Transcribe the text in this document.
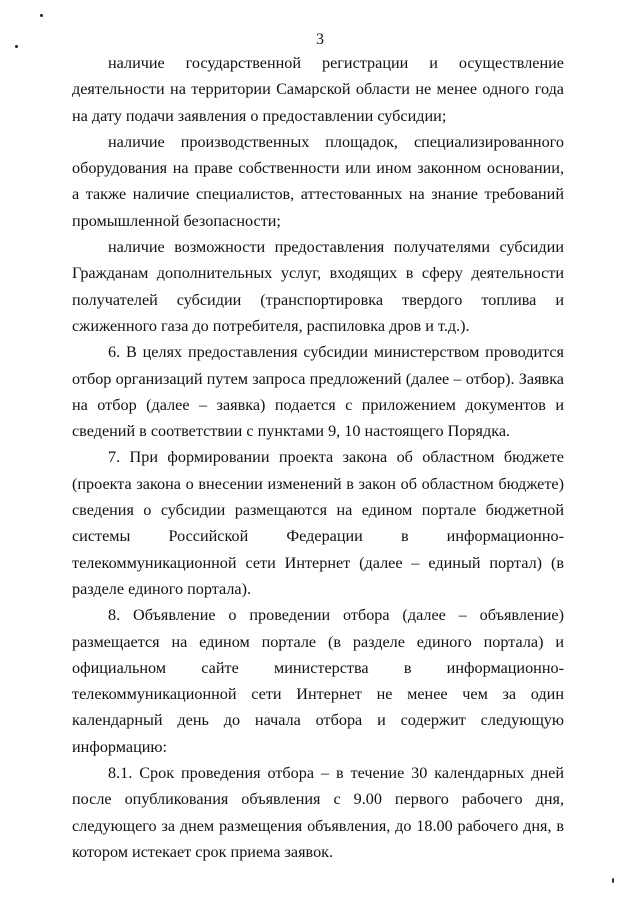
3

наличие государственной регистрации и осуществление деятельности на территории Самарской области не менее одного года на дату подачи заявления о предоставлении субсидии;

наличие производственных площадок, специализированного оборудования на праве собственности или ином законном основании, а также наличие специалистов, аттестованных на знание требований промышленной безопасности;

наличие возможности предоставления получателями субсидии Гражданам дополнительных услуг, входящих в сферу деятельности получателей субсидии (транспортировка твердого топлива и сжиженного газа до потребителя, распиловка дров и т.д.).

6. В целях предоставления субсидии министерством проводится отбор организаций путем запроса предложений (далее – отбор). Заявка на отбор (далее – заявка) подается с приложением документов и сведений в соответствии с пунктами 9, 10 настоящего Порядка.

7. При формировании проекта закона об областном бюджете (проекта закона о внесении изменений в закон об областном бюджете) сведения о субсидии размещаются на едином портале бюджетной системы Российской Федерации в информационно-телекоммуникационной сети Интернет (далее – единый портал) (в разделе единого портала).

8. Объявление о проведении отбора (далее – объявление) размещается на едином портале (в разделе единого портала) и официальном сайте министерства в информационно-телекоммуникационной сети Интернет не менее чем за один календарный день до начала отбора и содержит следующую информацию:

8.1. Срок проведения отбора – в течение 30 календарных дней после опубликования объявления с 9.00 первого рабочего дня, следующего за днем размещения объявления, до 18.00 рабочего дня, в котором истекает срок приема заявок.
